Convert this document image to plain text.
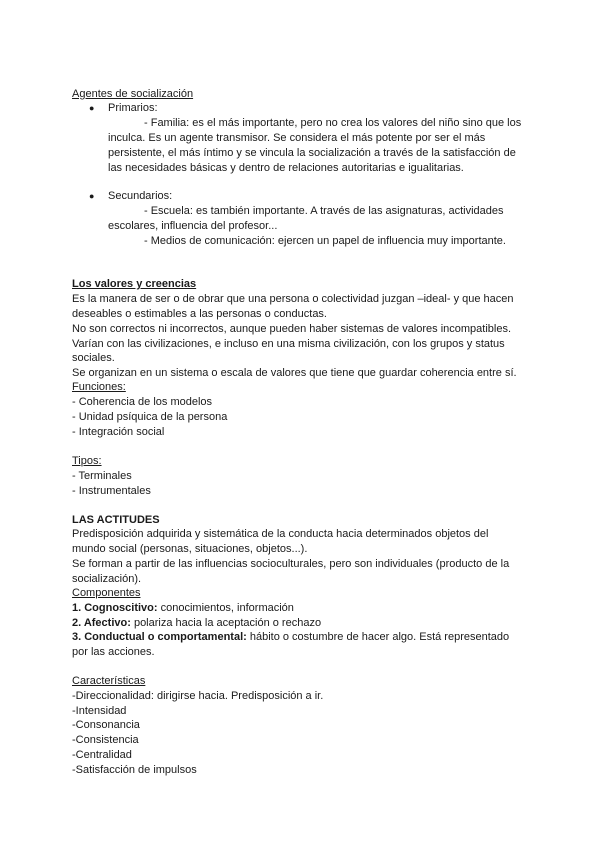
Agentes de socialización
● Primarios:
- Familia: es el más importante, pero no crea los valores del niño sino que los
inculca. Es un agente transmisor. Se considera el más potente por ser el más
persistente, el más íntimo y se vincula la socialización a través de la satisfacción de
las necesidades básicas y dentro de relaciones autoritarias e igualitarias.
● Secundarios:
- Escuela: es también importante. A través de las asignaturas, actividades
escolares, influencia del profesor...
- Medios de comunicación: ejercen un papel de influencia muy importante.
Los valores y creencias
Es la manera de ser o de obrar que una persona o colectividad juzgan –ideal- y que hacen
deseables o estimables a las personas o conductas.
No son correctos ni incorrectos, aunque pueden haber sistemas de valores incompatibles.
Varían con las civilizaciones, e incluso en una misma civilización, con los grupos y status
sociales.
Se organizan en un sistema o escala de valores que tiene que guardar coherencia entre sí.
Funciones:
- Coherencia de los modelos
- Unidad psíquica de la persona
- Integración social
Tipos:
- Terminales
- Instrumentales
LAS ACTITUDES
Predisposición adquirida y sistemática de la conducta hacia determinados objetos del
mundo social (personas, situaciones, objetos...).
Se forman a partir de las influencias socioculturales, pero son individuales (producto de la
socialización).
Componentes
1. Cognoscitivo: conocimientos, información
2. Afectivo: polariza hacia la aceptación o rechazo
3. Conductual o comportamental: hábito o costumbre de hacer algo. Está representado
por las acciones.
Características
-Direccionalidad: dirigirse hacia. Predisposición a ir.
-Intensidad
-Consonancia
-Consistencia
-Centralidad
-Satisfacción de impulsos
